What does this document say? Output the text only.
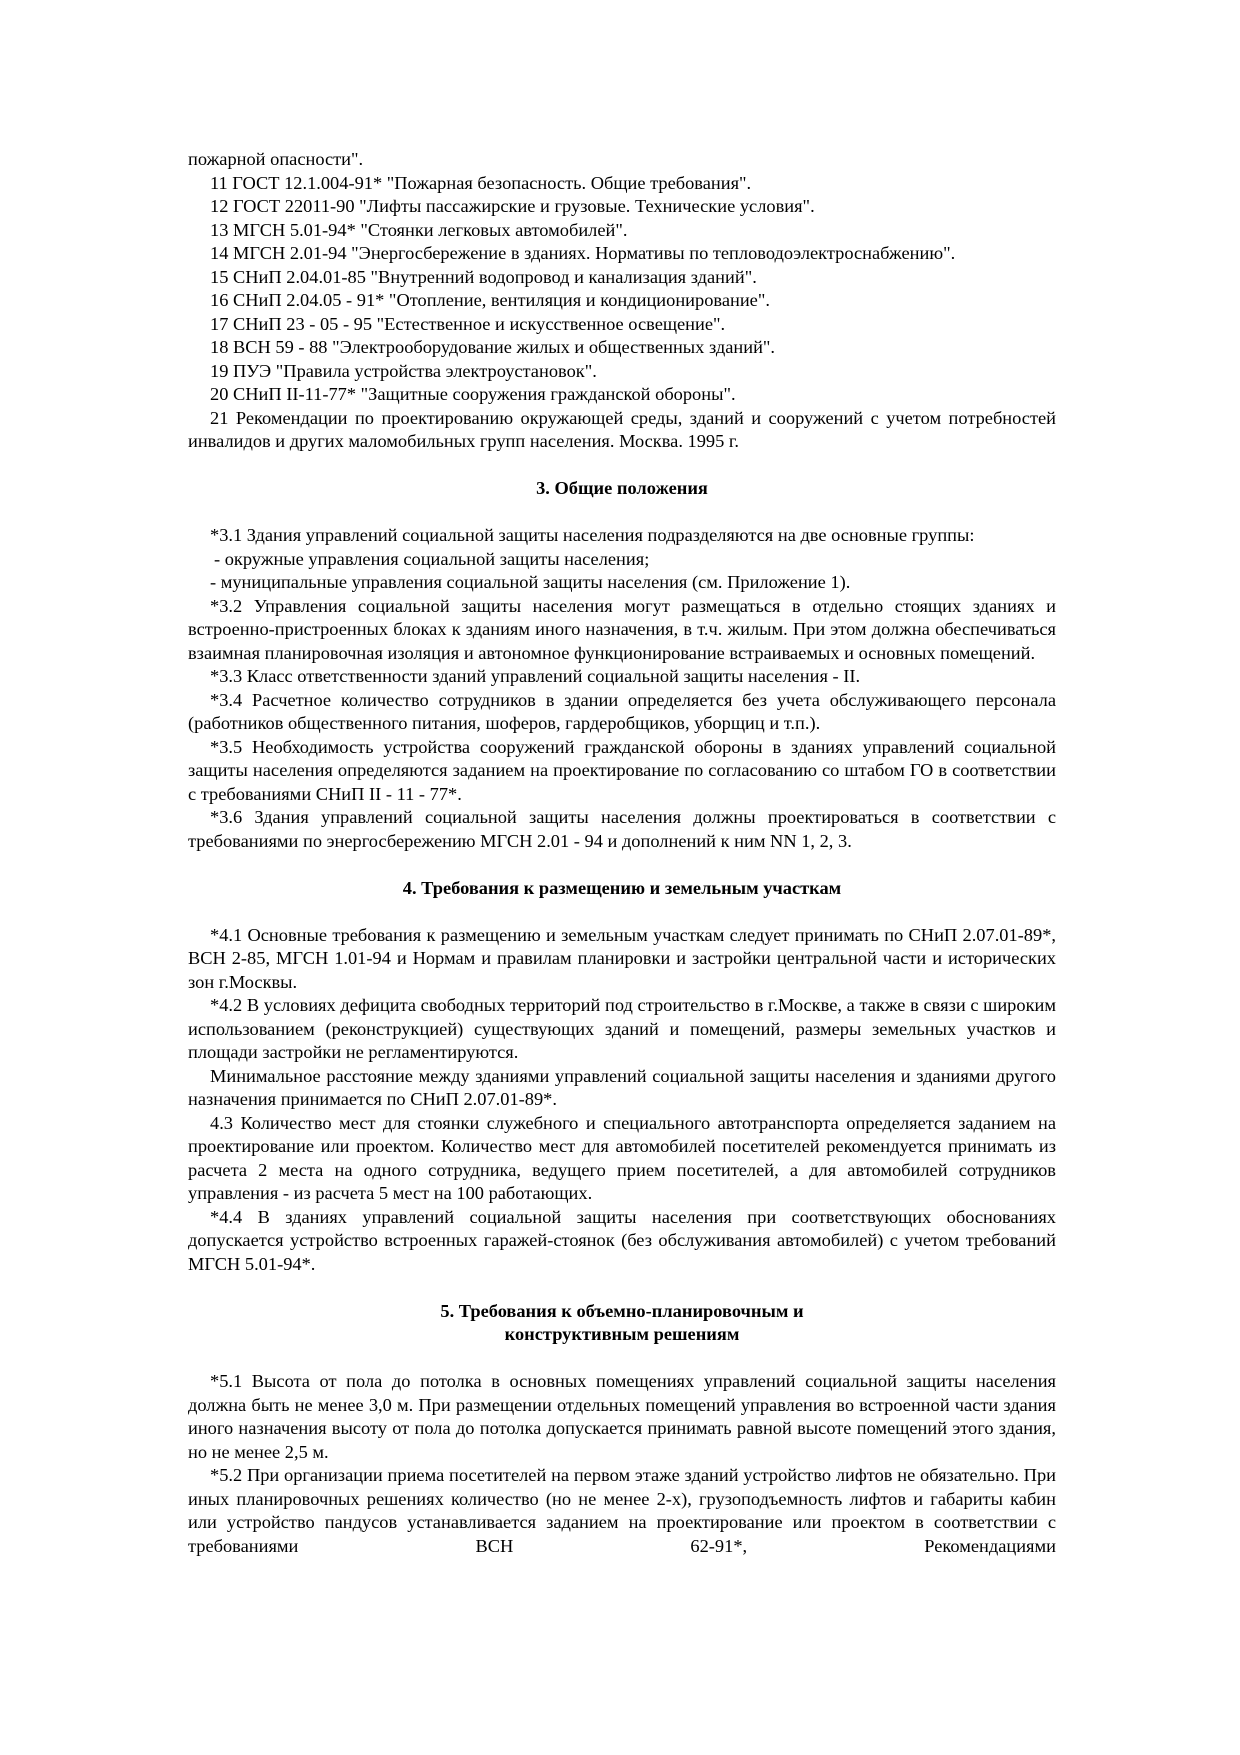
пожарной опасности".

11 ГОСТ 12.1.004-91* "Пожарная безопасность. Общие требования".

12 ГОСТ 22011-90 "Лифты пассажирские и грузовые. Технические условия".

13 МГСН 5.01-94* "Стоянки легковых автомобилей".

14 МГСН 2.01-94 "Энергосбережение в зданиях. Нормативы по тепловодоэлектроснабжению".

15 СНиП 2.04.01-85 "Внутренний водопровод и канализация зданий".

16 СНиП 2.04.05 - 91* "Отопление, вентиляция и кондиционирование".

17 СНиП 23 - 05 - 95 "Естественное и искусственное освещение".

18 ВСН 59 - 88 "Электрооборудование жилых и общественных зданий".

19 ПУЭ "Правила устройства электроустановок".

20 СНиП II-11-77* "Защитные сооружения гражданской обороны".

21 Рекомендации по проектированию окружающей среды, зданий и сооружений с учетом потребностей инвалидов и других маломобильных групп населения. Москва. 1995 г.

3. Общие положения

*3.1 Здания управлений социальной защиты населения подразделяются на две основные группы:

- окружные управления социальной защиты населения;

- муниципальные управления социальной защиты населения (см. Приложение 1).

*3.2 Управления социальной защиты населения могут размещаться в отдельно стоящих зданиях и встроенно-пристроенных блоках к зданиям иного назначения, в т.ч. жилым. При этом должна обеспечиваться взаимная планировочная изоляция и автономное функционирование встраиваемых и основных помещений.

*3.3 Класс ответственности зданий управлений социальной защиты населения - II.

*3.4 Расчетное количество сотрудников в здании определяется без учета обслуживающего персонала (работников общественного питания, шоферов, гардеробщиков, уборщиц и т.п.).

*3.5 Необходимость устройства сооружений гражданской обороны в зданиях управлений социальной защиты населения определяются заданием на проектирование по согласованию со штабом ГО в соответствии с требованиями СНиП II - 11 - 77*.

*3.6 Здания управлений социальной защиты населения должны проектироваться в соответствии с требованиями по энергосбережению МГСН 2.01 - 94 и дополнений к ним NN 1, 2, 3.

4. Требования к размещению и земельным участкам

*4.1 Основные требования к размещению и земельным участкам следует принимать по СНиП 2.07.01-89*, ВСН 2-85, МГСН 1.01-94 и Нормам и правилам планировки и застройки центральной части и исторических зон г.Москвы.

*4.2 В условиях дефицита свободных территорий под строительство в г.Москве, а также в связи с широким использованием (реконструкцией) существующих зданий и помещений, размеры земельных участков и площади застройки не регламентируются.

Минимальное расстояние между зданиями управлений социальной защиты населения и зданиями другого назначения принимается по СНиП 2.07.01-89*.

4.3 Количество мест для стоянки служебного и специального автотранспорта определяется заданием на проектирование или проектом. Количество мест для автомобилей посетителей рекомендуется принимать из расчета 2 места на одного сотрудника, ведущего прием посетителей, а для автомобилей сотрудников управления - из расчета 5 мест на 100 работающих.

*4.4 В зданиях управлений социальной защиты населения при соответствующих обоснованиях допускается устройство встроенных гаражей-стоянок (без обслуживания автомобилей) с учетом требований МГСН 5.01-94*.

5. Требования к объемно-планировочным и

конструктивным решениям

*5.1 Высота от пола до потолка в основных помещениях управлений социальной защиты населения должна быть не менее 3,0 м. При размещении отдельных помещений управления во встроенной части здания иного назначения высоту от пола до потолка допускается принимать равной высоте помещений этого здания, но не менее 2,5 м.

*5.2 При организации приема посетителей на первом этаже зданий устройство лифтов не обязательно. При иных планировочных решениях количество (но не менее 2-х), грузоподъемность лифтов и габариты кабин или устройство пандусов устанавливается заданием на проектирование или проектом в соответствии с требованиями ВСН 62-91*, Рекомендациями
